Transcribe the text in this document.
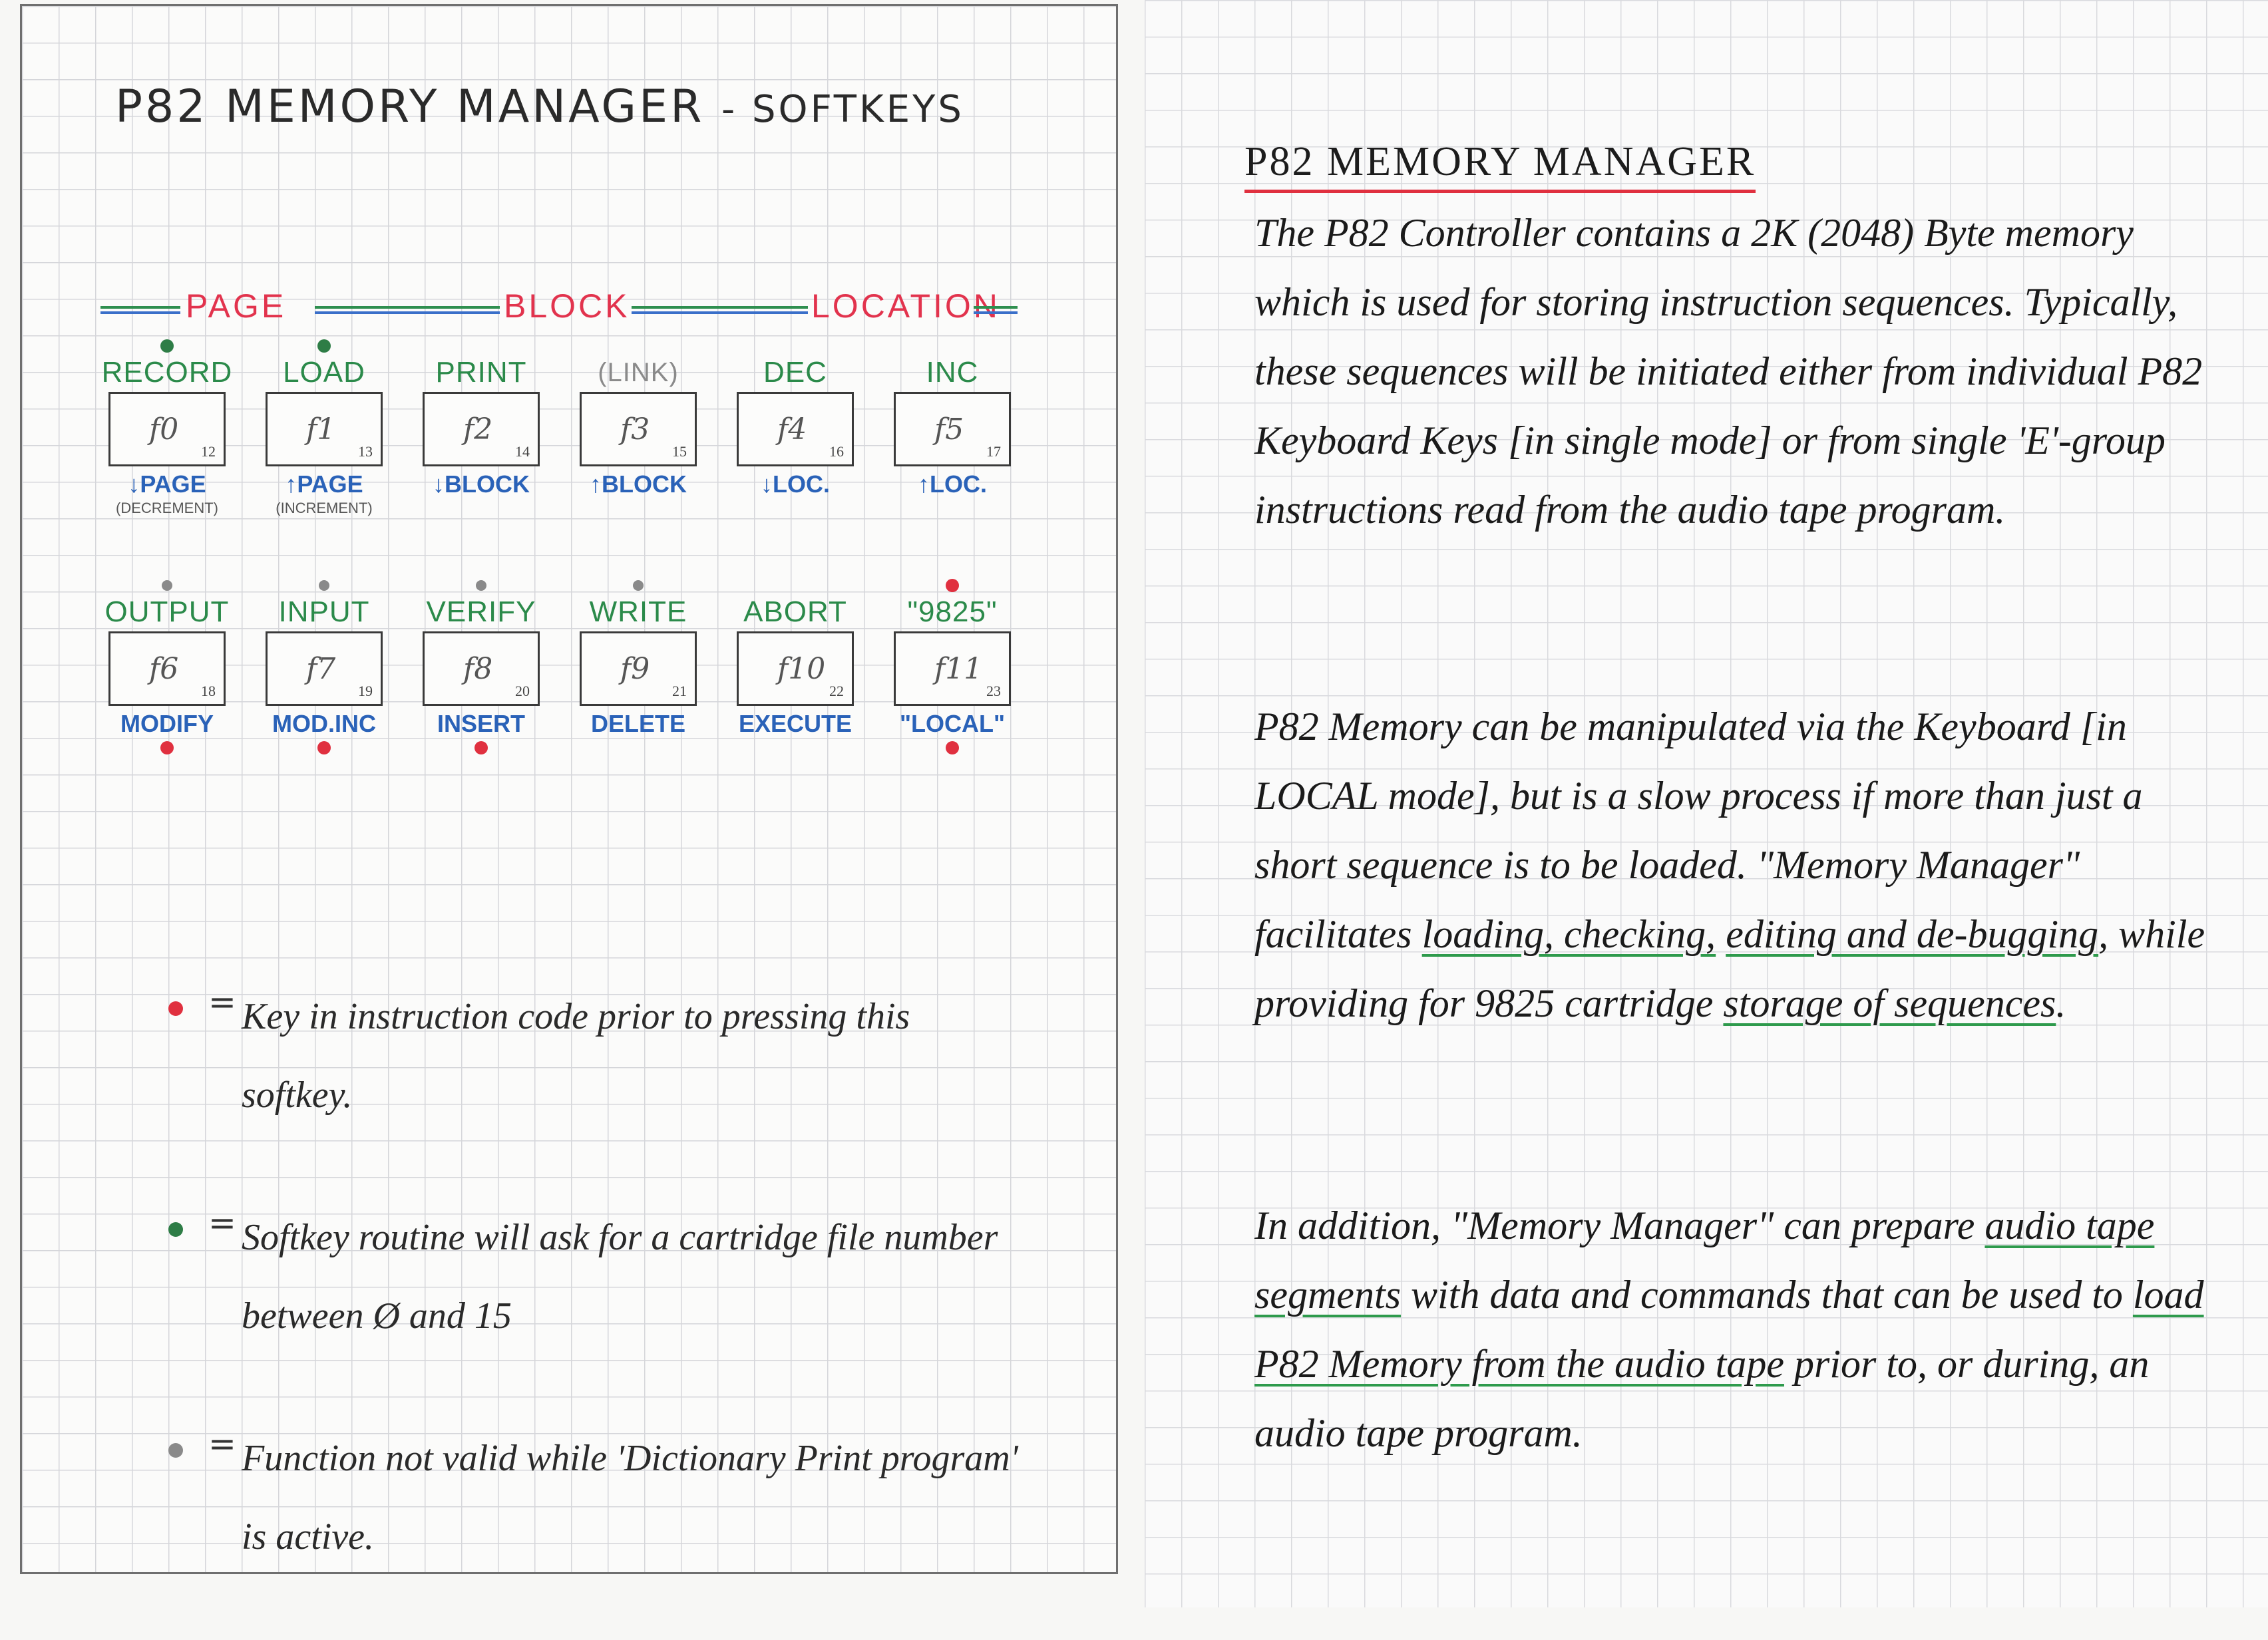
P82 MEMORY MANAGER - SOFTKEYS
PAGE	BLOCK	LOCATION
RECORD
f0
12
↓PAGE
(DECREMENT)
LOAD
f1
13
↑PAGE
(INCREMENT)
PRINT
f2
14
↓BLOCK
(LINK)
f3
15
↑BLOCK
DEC
f4
16
↓LOC.
INC
f5
17
↑LOC.
OUTPUT
f6
18
MODIFY
INPUT
f7
19
MOD.INC
VERIFY
f8
20
INSERT
WRITE
f9
21
DELETE
ABORT
f10
22
EXECUTE
"9825"
f11
23
"LOCAL"
= Key in instruction code prior to pressing this softkey.
= Softkey routine will ask for a cartridge file number between Ø and 15
= Function not valid while 'Dictionary Print program' is active.
P82 MEMORY MANAGER
The P82 Controller contains a 2K (2048) Byte memory which is used for storing instruction sequences. Typically, these sequences will be initiated either from individual P82 Keyboard Keys [in single mode] or from single 'E'-group instructions read from the audio tape program.
P82 Memory can be manipulated via the Keyboard [in LOCAL mode], but is a slow process if more than just a short sequence is to be loaded. "Memory Manager" facilitates loading, checking, editing and de-bugging, while providing for 9825 cartridge storage of sequences.
In addition, "Memory Manager" can prepare audio tape segments with data and commands that can be used to load P82 Memory from the audio tape prior to, or during, an audio tape program.
